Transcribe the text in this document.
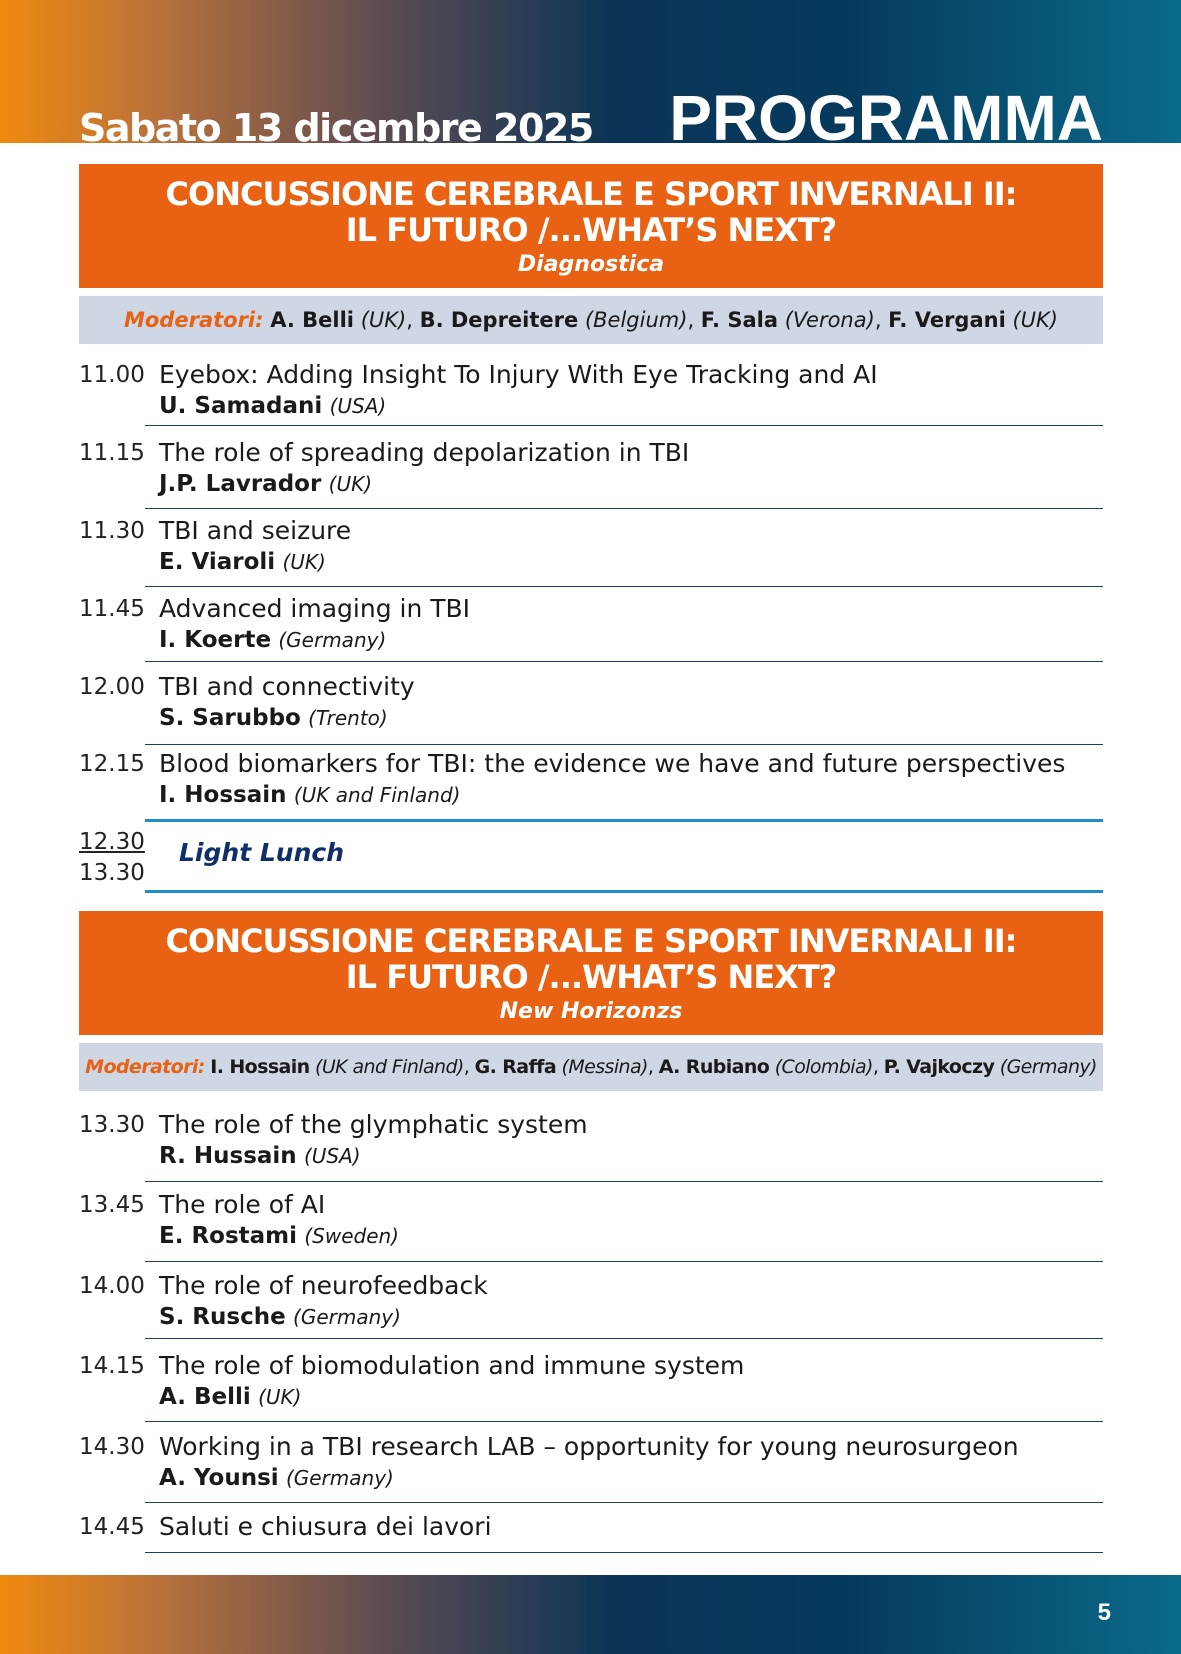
Sabato 13 dicembre 2025 PROGRAMMA
CONCUSSIONE CEREBRALE E SPORT INVERNALI II:
IL FUTURO /...WHAT’S NEXT?
Diagnostica
Moderatori: A. Belli (UK), B. Depreitere (Belgium), F. Sala (Verona), F. Vergani (UK)
11.00 Eyebox: Adding Insight To Injury With Eye Tracking and AI
U. Samadani (USA)
11.15 The role of spreading depolarization in TBI
J.P. Lavrador (UK)
11.30 TBI and seizure
E. Viaroli (UK)
11.45 Advanced imaging in TBI
I. Koerte (Germany)
12.00 TBI and connectivity
S. Sarubbo (Trento)
12.15 Blood biomarkers for TBI: the evidence we have and future perspectives
I. Hossain (UK and Finland)
12.30
13.30
Light Lunch
CONCUSSIONE CEREBRALE E SPORT INVERNALI II:
IL FUTURO /...WHAT’S NEXT?
New Horizonzs
Moderatori: I. Hossain (UK and Finland), G. Raffa (Messina), A. Rubiano (Colombia), P. Vajkoczy (Germany)
13.30 The role of the glymphatic system
R. Hussain (USA)
13.45 The role of AI
E. Rostami (Sweden)
14.00 The role of neurofeedback
S. Rusche (Germany)
14.15 The role of biomodulation and immune system
A. Belli (UK)
14.30 Working in a TBI research LAB – opportunity for young neurosurgeon
A. Younsi (Germany)
14.45 Saluti e chiusura dei lavori
5
